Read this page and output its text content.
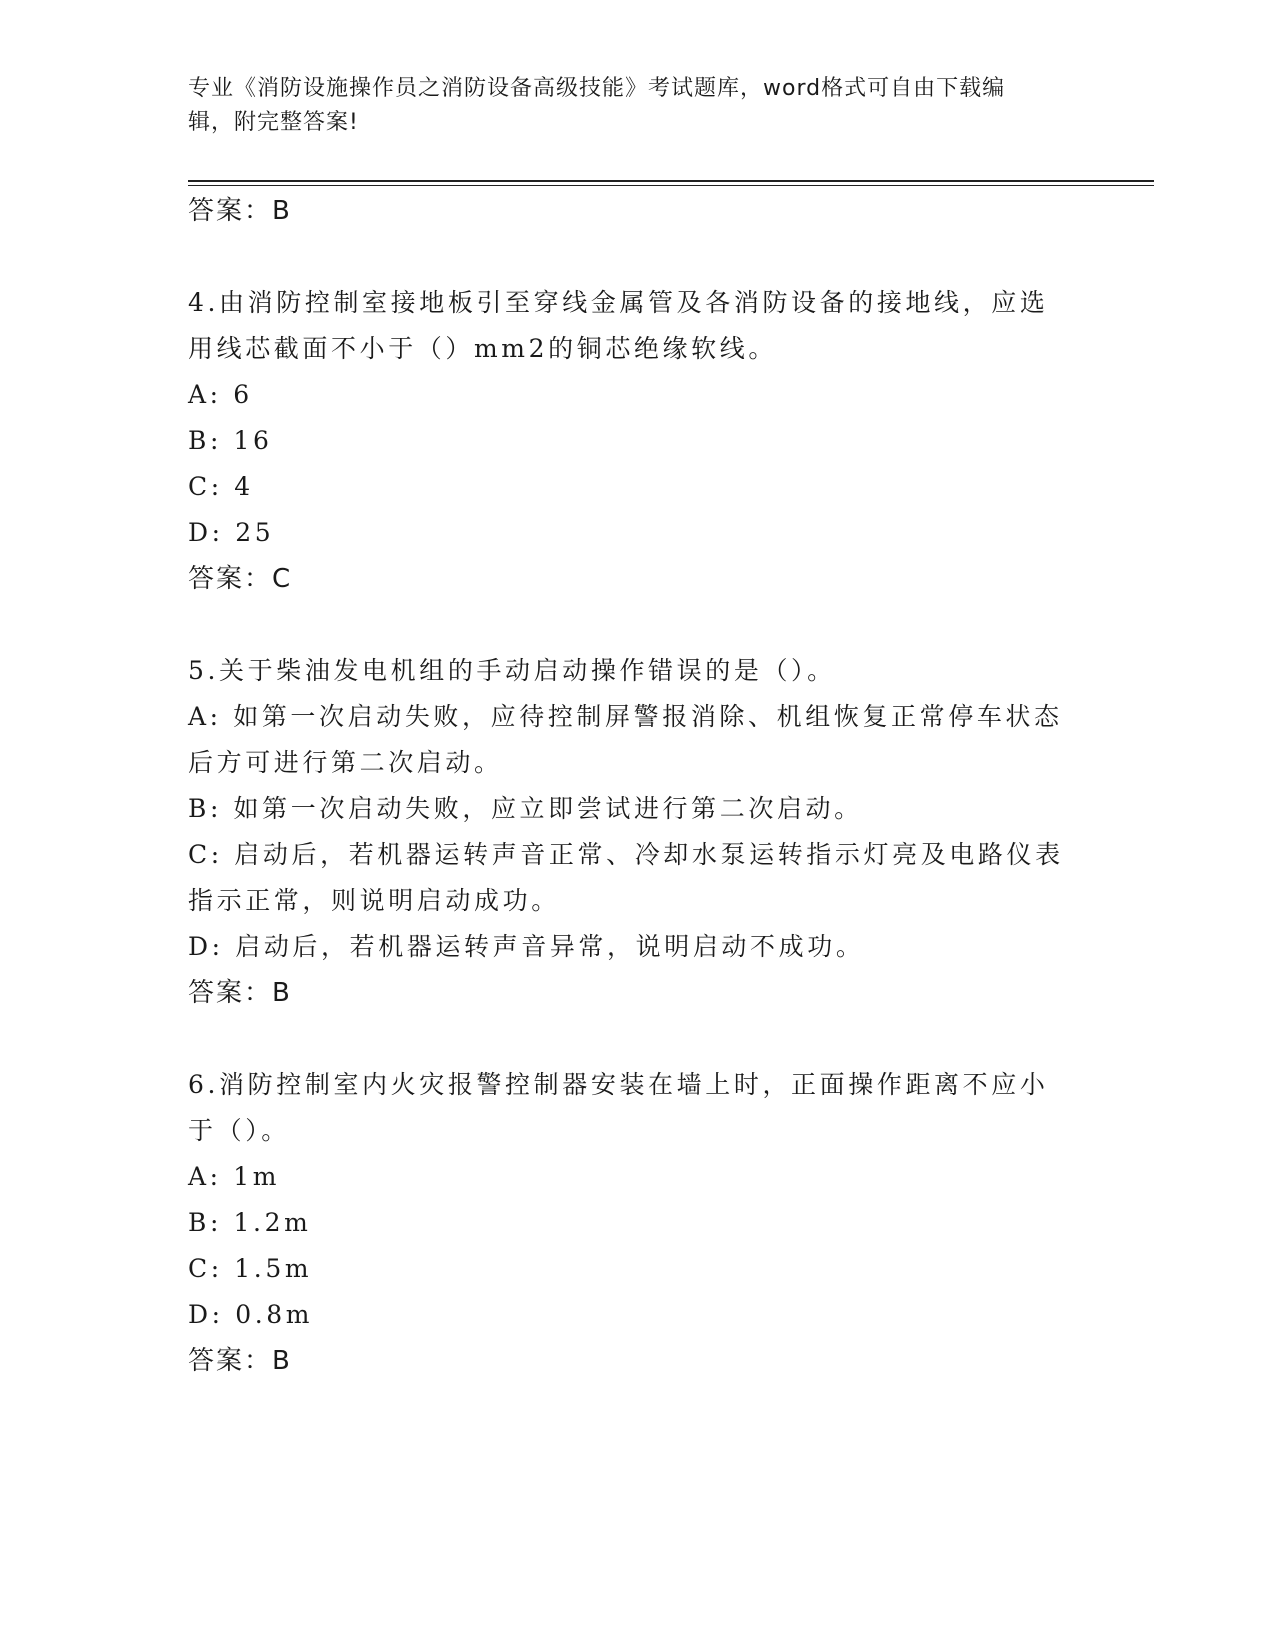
专业《消防设施操作员之消防设备高级技能》考试题库，word格式可自由下载编
辑，附完整答案!
答案：B
4.由消防控制室接地板引至穿线金属管及各消防设备的接地线，应选
用线芯截面不小于（）mm2的铜芯绝缘软线。
A: 6
B: 16
C: 4
D: 25
答案：C
5.关于柴油发电机组的手动启动操作错误的是（）。
A: 如第一次启动失败，应待控制屏警报消除、机组恢复正常停车状态
后方可进行第二次启动。
B: 如第一次启动失败，应立即尝试进行第二次启动。
C: 启动后，若机器运转声音正常、冷却水泵运转指示灯亮及电路仪表
指示正常，则说明启动成功。
D: 启动后，若机器运转声音异常，说明启动不成功。
答案：B
6.消防控制室内火灾报警控制器安装在墙上时，正面操作距离不应小
于（）。
A: 1m
B: 1.2m
C: 1.5m
D: 0.8m
答案：B
